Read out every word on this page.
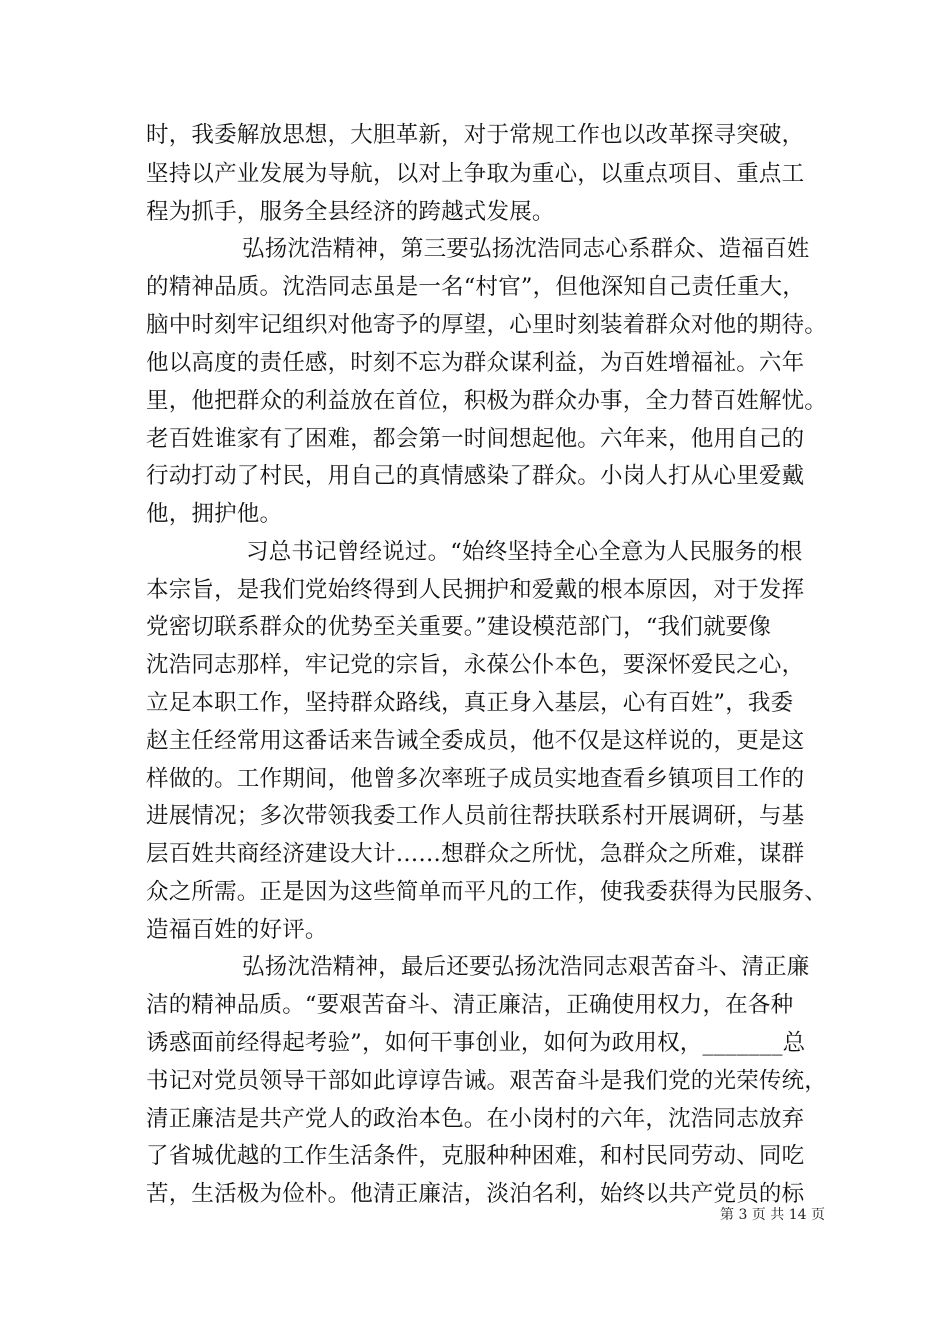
时，我委解放思想，大胆革新，对于常规工作也以改革探寻突破，
坚持以产业发展为导航，以对上争取为重心，以重点项目、重点工
程为抓手，服务全县经济的跨越式发展。
弘扬沈浩精神，第三要弘扬沈浩同志心系群众、造福百姓
的精神品质。沈浩同志虽是一名“村官”，但他深知自己责任重大，
脑中时刻牢记组织对他寄予的厚望，心里时刻装着群众对他的期待。
他以高度的责任感，时刻不忘为群众谋利益，为百姓增福祉。六年
里，他把群众的利益放在首位，积极为群众办事，全力替百姓解忧。
老百姓谁家有了困难，都会第一时间想起他。六年来，他用自己的
行动打动了村民，用自己的真情感染了群众。小岗人打从心里爱戴
他，拥护他。
习总书记曾经说过。“始终坚持全心全意为人民服务的根
本宗旨，是我们党始终得到人民拥护和爱戴的根本原因，对于发挥
党密切联系群众的优势至关重要。”建设模范部门，“我们就要像
沈浩同志那样，牢记党的宗旨，永葆公仆本色，要深怀爱民之心，
立足本职工作，坚持群众路线，真正身入基层，心有百姓”，我委
赵主任经常用这番话来告诫全委成员，他不仅是这样说的，更是这
样做的。工作期间，他曾多次率班子成员实地查看乡镇项目工作的
进展情况；多次带领我委工作人员前往帮扶联系村开展调研，与基
层百姓共商经济建设大计……想群众之所忧，急群众之所难，谋群
众之所需。正是因为这些简单而平凡的工作，使我委获得为民服务、
造福百姓的好评。
弘扬沈浩精神，最后还要弘扬沈浩同志艰苦奋斗、清正廉
洁的精神品质。“要艰苦奋斗、清正廉洁，正确使用权力，在各种
诱惑面前经得起考验”，如何干事创业，如何为政用权，_______总
书记对党员领导干部如此谆谆告诫。艰苦奋斗是我们党的光荣传统，
清正廉洁是共产党人的政治本色。在小岗村的六年，沈浩同志放弃
了省城优越的工作生活条件，克服种种困难，和村民同劳动、同吃
苦，生活极为俭朴。他清正廉洁，淡泊名利，始终以共产党员的标
第 3 页 共 14 页
